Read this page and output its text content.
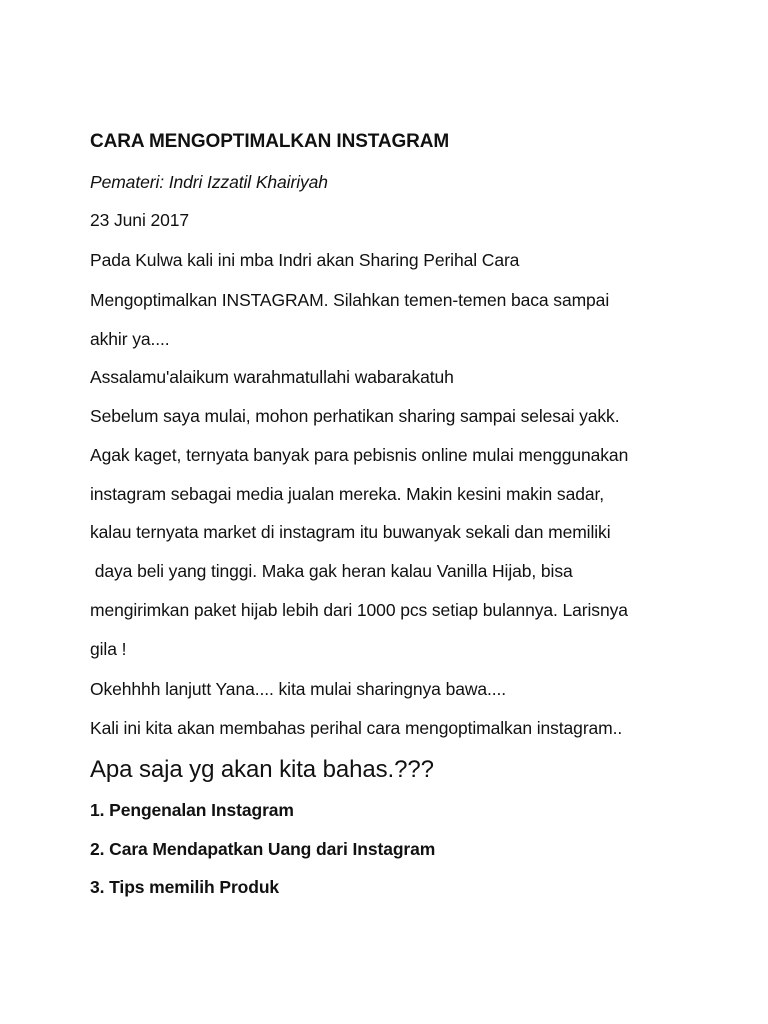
CARA MENGOPTIMALKAN INSTAGRAM
Pemateri: Indri Izzatil Khairiyah
23 Juni 2017
Pada Kulwa kali ini mba Indri akan Sharing Perihal Cara
Mengoptimalkan INSTAGRAM. Silahkan temen-temen baca sampai
akhir ya....
Assalamu'alaikum warahmatullahi wabarakatuh
Sebelum saya mulai, mohon perhatikan sharing sampai selesai yakk.
Agak kaget, ternyata banyak para pebisnis online mulai menggunakan
instagram sebagai media jualan mereka. Makin kesini makin sadar,
kalau ternyata market di instagram itu buwanyak sekali dan memiliki
daya beli yang tinggi. Maka gak heran kalau Vanilla Hijab, bisa
mengirimkan paket hijab lebih dari 1000 pcs setiap bulannya. Larisnya
gila !
Okehhhh lanjutt Yana.... kita mulai sharingnya bawa....
Kali ini kita akan membahas perihal cara mengoptimalkan instagram..
Apa saja yg akan kita bahas.???
1. Pengenalan Instagram
2. Cara Mendapatkan Uang dari Instagram
3. Tips memilih Produk
